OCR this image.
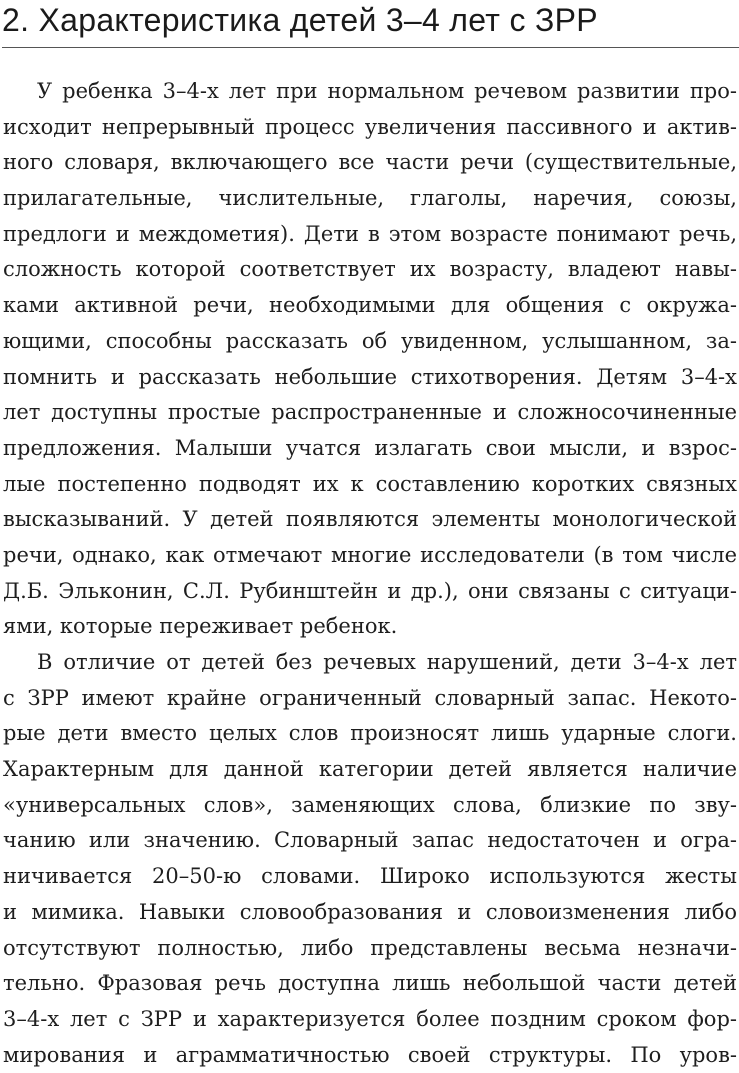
2. Характеристика детей 3–4 лет с ЗРР
У ребенка 3–4-х лет при нормальном речевом развитии про-
исходит непрерывный процесс увеличения пассивного и актив-
ного словаря, включающего все части речи (существительные,
прилагательные, числительные, глаголы, наречия, союзы,
предлоги и междометия). Дети в этом возрасте понимают речь,
сложность которой соответствует их возрасту, владеют навы-
ками активной речи, необходимыми для общения с окружа-
ющими, способны рассказать об увиденном, услышанном, за-
помнить и рассказать небольшие стихотворения. Детям 3–4-х
лет доступны простые распространенные и сложносочиненные
предложения. Малыши учатся излагать свои мысли, и взрос-
лые постепенно подводят их к составлению коротких связных
высказываний. У детей появляются элементы монологической
речи, однако, как отмечают многие исследователи (в том числе
Д.Б. Эльконин, С.Л. Рубинштейн и др.), они связаны с ситуаци-
ями, которые переживает ребенок.
В отличие от детей без речевых нарушений, дети 3–4-х лет
с ЗРР имеют крайне ограниченный словарный запас. Некото-
рые дети вместо целых слов произносят лишь ударные слоги.
Характерным для данной категории детей является наличие
«универсальных слов», заменяющих слова, близкие по зву-
чанию или значению. Словарный запас недостаточен и огра-
ничивается 20–50-ю словами. Широко используются жесты
и мимика. Навыки словообразования и словоизменения либо
отсутствуют полностью, либо представлены весьма незначи-
тельно. Фразовая речь доступна лишь небольшой части детей
3–4-х лет с ЗРР и характеризуется более поздним сроком фор-
мирования и аграмматичностью своей структуры. По уров-
